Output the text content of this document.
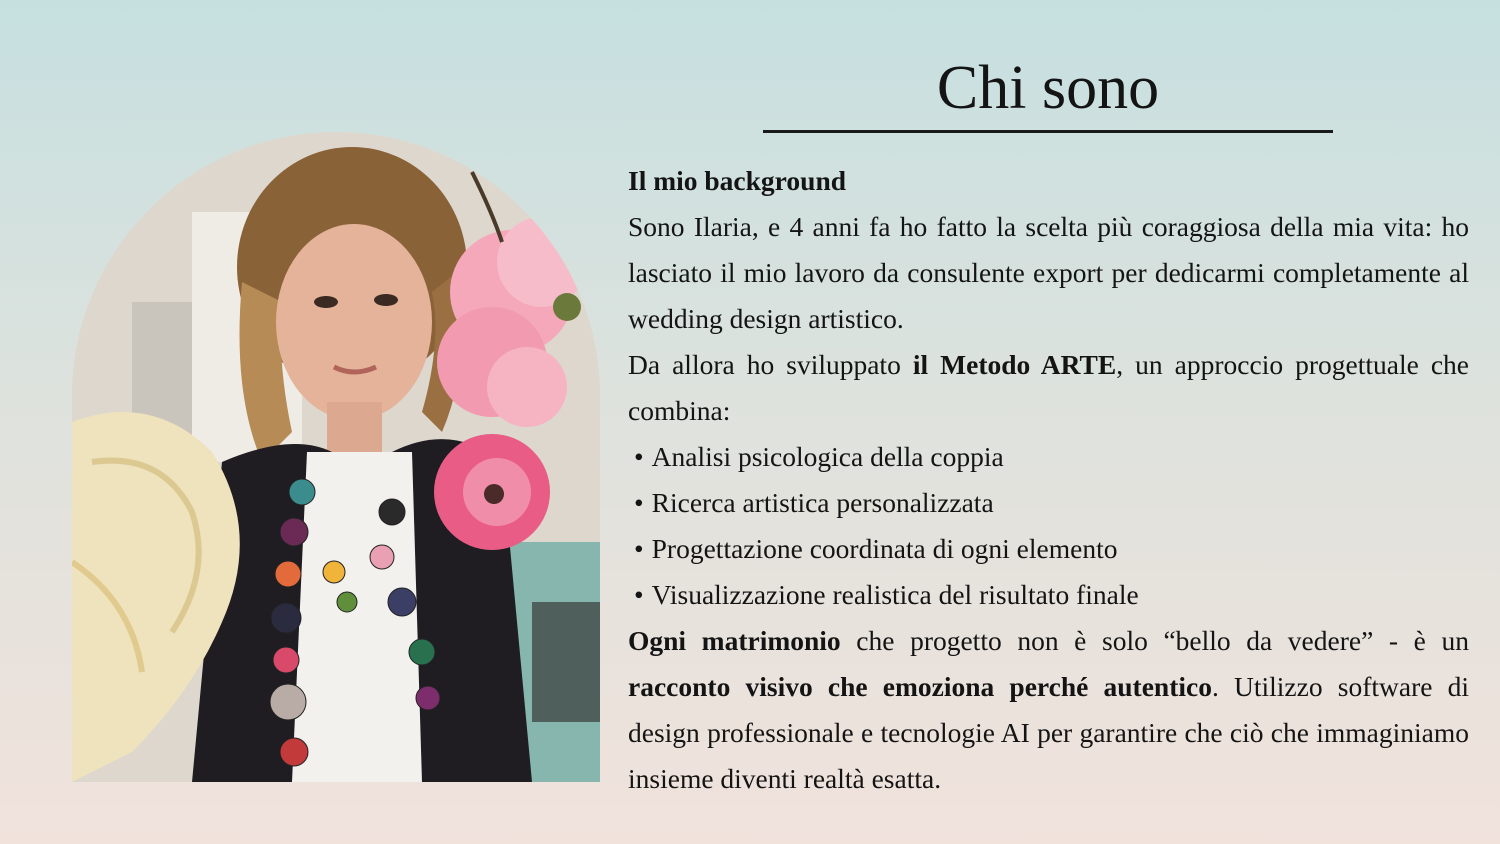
Chi sono

Il mio background

Sono Ilaria, e 4 anni fa ho fatto la scelta più coraggiosa della mia vita: ho lasciato il mio lavoro da consulente export per dedicarmi completamente al wedding design artistico.

Da allora ho sviluppato il Metodo ARTE, un approccio progettuale che combina:

• Analisi psicologica della coppia
• Ricerca artistica personalizzata
• Progettazione coordinata di ogni elemento
• Visualizzazione realistica del risultato finale

Ogni matrimonio che progetto non è solo “bello da vedere” - è un racconto visivo che emoziona perché autentico. Utilizzo software di design professionale e tecnologie AI per garantire che ciò che immaginiamo insieme diventi realtà esatta.
